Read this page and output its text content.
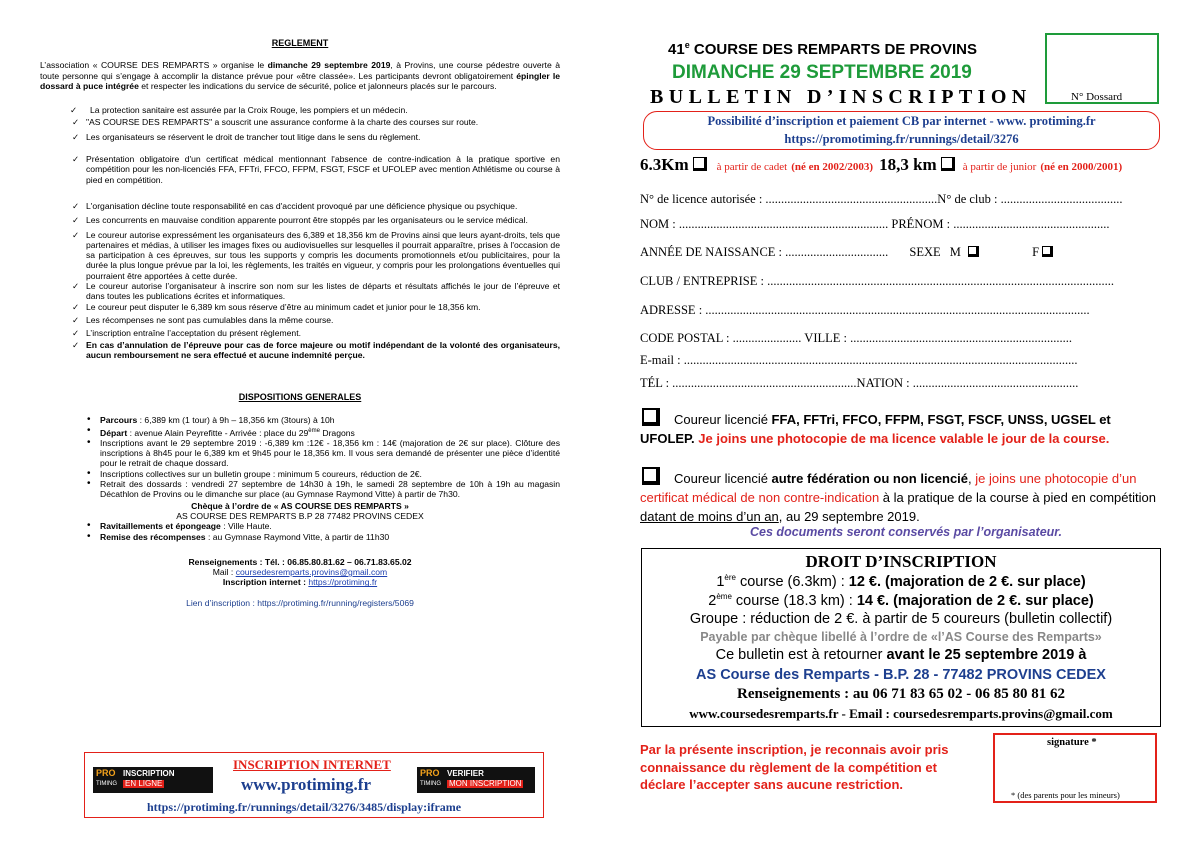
REGLEMENT
L’association « COURSE DES REMPARTS » organise le dimanche 29 septembre 2019, à Provins, une course pédestre ouverte à toute personne qui s’engage à accomplir la distance prévue pour «être classée». Les participants devront obligatoirement épingler le dossard à puce intégrée et respecter les indications du service de sécurité, police et jalonneurs placés sur le parcours.
✓ La protection sanitaire est assurée par la Croix Rouge, les pompiers et un médecin.
✓ "AS COURSE DES REMPARTS" a souscrit une assurance conforme à la charte des courses sur route.
✓ Les organisateurs se réservent le droit de trancher tout litige dans le sens du règlement.
✓ Présentation obligatoire d'un certificat médical mentionnant l'absence de contre-indication à la pratique sportive en compétition pour les non-licenciés FFA, FFTri, FFCO, FFPM, FSGT, FSCF et UFOLEP avec mention Athlétisme ou course à pied en compétition.
✓ L'organisation décline toute responsabilité en cas d'accident provoqué par une déficience physique ou psychique.
✓ Les concurrents en mauvaise condition apparente pourront être stoppés par les organisateurs ou le service médical.
✓ Le coureur autorise expressément les organisateurs des 6,389 et 18,356 km de Provins ainsi que leurs ayant-droits, tels que partenaires et médias, à utiliser les images fixes ou audiovisuelles sur lesquelles il pourrait apparaître, prises à l'occasion de sa participation à ces épreuves, sur tous les supports y compris les documents promotionnels et/ou publicitaires, pour la durée la plus longue prévue par la loi, les règlements, les traités en vigueur, y compris pour les prolongations éventuelles qui pourraient être apportées à cette durée.
✓ Le coureur autorise l’organisateur à inscrire son nom sur les listes de départs et résultats affichés le jour de l’épreuve et dans toutes les publications écrites et informatiques.
✓ Le coureur peut disputer le 6,389 km sous réserve d’être au minimum cadet et junior pour le 18,356 km.
✓ Les récompenses ne sont pas cumulables dans la même course.
✓ L’inscription entraîne l’acceptation du présent règlement.
✓ En cas d’annulation de l’épreuve pour cas de force majeure ou motif indépendant de la volonté des organisateurs, aucun remboursement ne sera effectué et aucune indemnité perçue.
DISPOSITIONS GENERALES
• Parcours : 6,389 km (1 tour) à 9h – 18,356 km (3tours) à 10h
• Départ : avenue Alain Peyrefitte - Arrivée : place du 29ème Dragons
• Inscriptions avant le 29 septembre 2019 : -6,389 km :12€ - 18,356 km : 14€ (majoration de 2€ sur place). Clôture des inscriptions à 8h45 pour le 6,389 km et 9h45 pour le 18,356 km. Il vous sera demandé de présenter une pièce d’identité pour le retrait de chaque dossard.
• Inscriptions collectives sur un bulletin groupe : minimum 5 coureurs, réduction de 2€.
• Retrait des dossards : vendredi 27 septembre de 14h30 à 19h, le samedi 28 septembre de 10h à 19h au magasin Décathlon de Provins ou le dimanche sur place (au Gymnase Raymond Vitte) à partir de 7h30.
Chèque à l’ordre de « AS COURSE DES REMPARTS »
AS COURSE DES REMPARTS B.P 28 77482 PROVINS CEDEX
• Ravitaillements et épongeage : Ville Haute.
• Remise des récompenses : au Gymnase Raymond Vitte, à partir de 11h30
Renseignements : Tél. : 06.85.80.81.62 – 06.71.83.65.02
Mail : coursedesremparts.provins@gmail.com
Inscription internet : https://protiming.fr
Lien d’inscription : https://protiming.fr/running/registers/5069
INSCRIPTION INTERNET
www.protiming.fr
https://protiming.fr/runnings/detail/3276/3485/display:iframe
PRO
TIMING
INSCRIPTION
EN LIGNE
PRO
TIMING
VERIFIER
MON INSCRIPTION
41e COURSE DES REMPARTS DE PROVINS
DIMANCHE 29 SEPTEMBRE 2019
BULLETIN D’INSCRIPTION	N° Dossard
Possibilité d’inscription et paiement CB par internet - www. protiming.fr
https://promotiming.fr/runnings/detail/3276
6.3Km	à partir de cadet (né en 2002/2003) 18,3 km à partir de junior (né en 2000/2001)
N° de licence autorisée : .......................................................N° de club : .......................................
NOM : ................................................................... PRÉNOM : ..................................................
ANNÉE DE NAISSANCE : ................................. SEXE M	F
CLUB / ENTREPRISE : ...............................................................................................................
ADRESSE : ...........................................................................................................................
CODE POSTAL : ...................... VILLE : .......................................................................
E-mail : ..............................................................................................................................
TÉL : ...........................................................NATION : .....................................................
Coureur licencié FFA, FFTri, FFCO, FFPM, FSGT, FSCF, UNSS, UGSEL et UFOLEP. Je joins une photocopie de ma licence valable le jour de la course.
Coureur licencié autre fédération ou non licencié, je joins une photocopie d’un certificat médical de non contre-indication à la pratique de la course à pied en compétition datant de moins d’un an, au 29 septembre 2019.
Ces documents seront conservés par l’organisateur.
DROIT D’INSCRIPTION
1ère course (6.3km) : 12 €. (majoration de 2 €. sur place)
2ème course (18.3 km) : 14 €. (majoration de 2 €. sur place)
Groupe : réduction de 2 €. à partir de 5 coureurs (bulletin collectif)
Payable par chèque libellé à l’ordre de «l’AS Course des Remparts»
Ce bulletin est à retourner avant le 25 septembre 2019 à
AS Course des Remparts - B.P. 28 - 77482 PROVINS CEDEX
Renseignements : au 06 71 83 65 02 - 06 85 80 81 62
www.coursedesremparts.fr - Email : coursedesremparts.provins@gmail.com
Par la présente inscription, je reconnais avoir pris connaissance du règlement de la compétition et déclare l’accepter sans aucune restriction.
signature *
* (des parents pour les mineurs)
